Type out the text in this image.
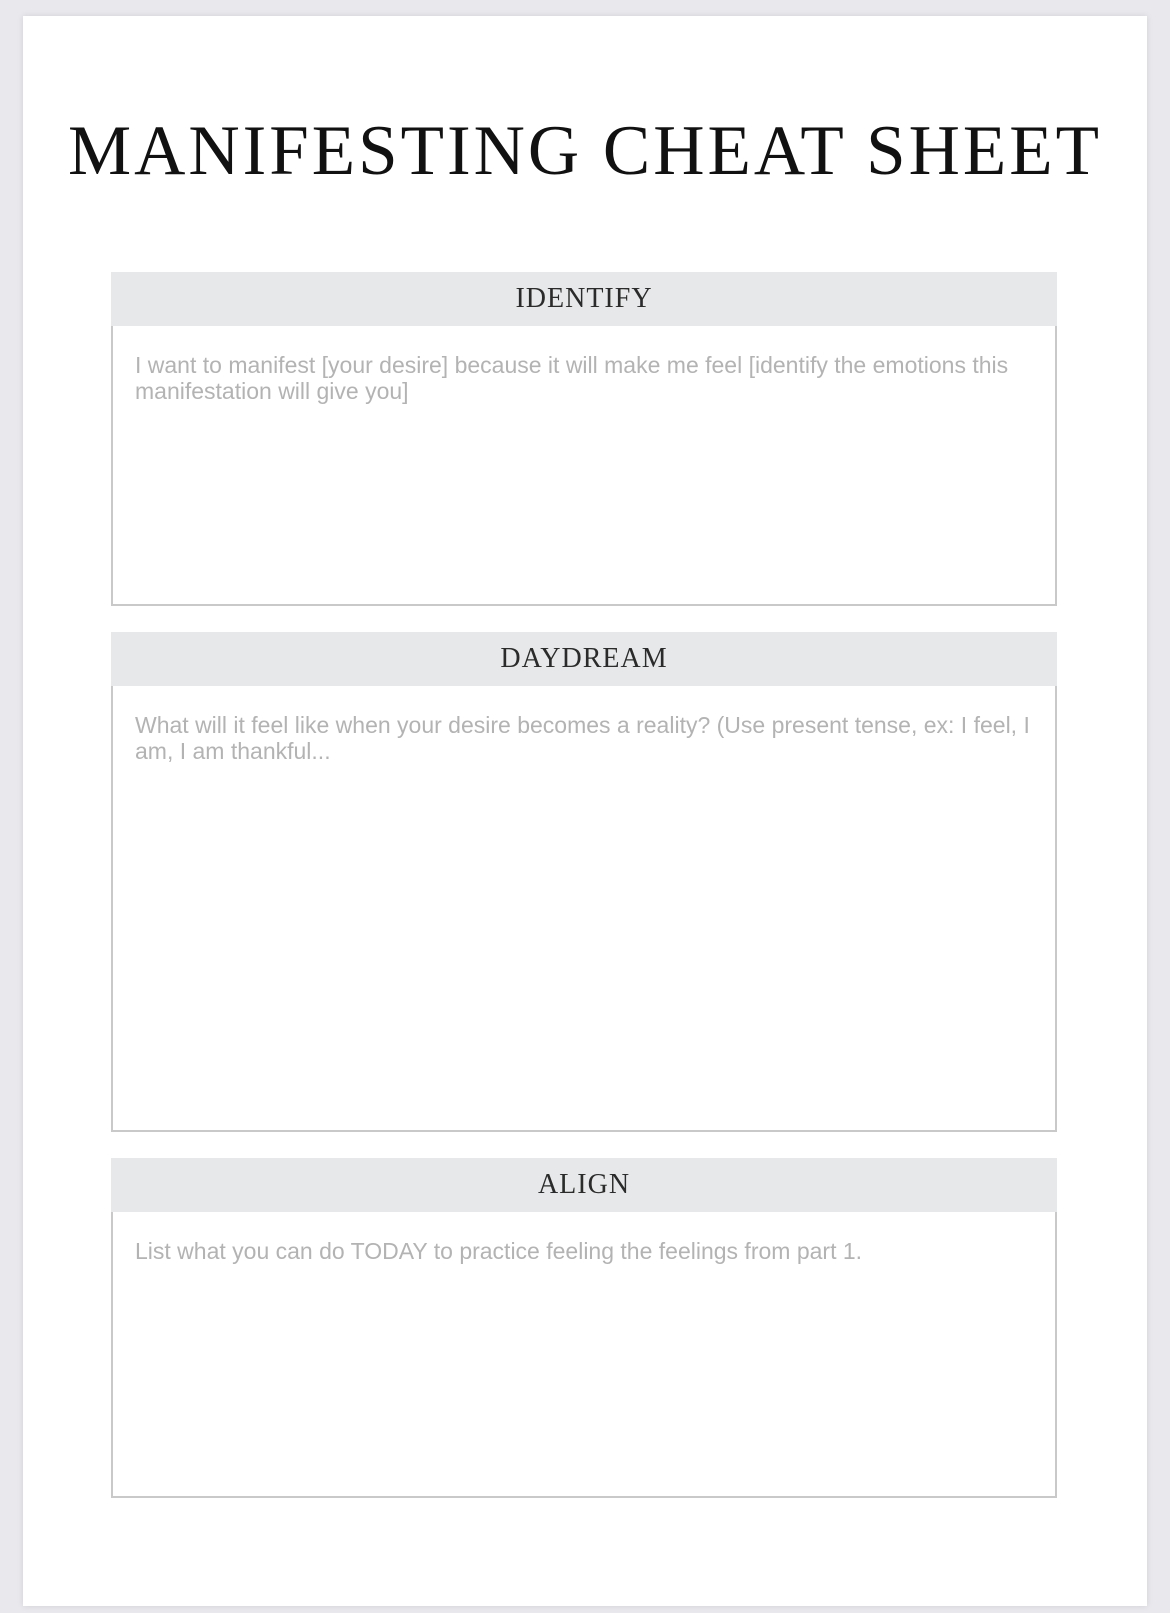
MANIFESTING CHEAT SHEET
IDENTIFY
I want to manifest [your desire] because it will make me feel [identify the emotions this manifestation will give you]
DAYDREAM
What will it feel like when your desire becomes a reality? (Use present tense, ex: I feel, I am, I am thankful...
ALIGN
List what you can do TODAY to practice feeling the feelings from part 1.
